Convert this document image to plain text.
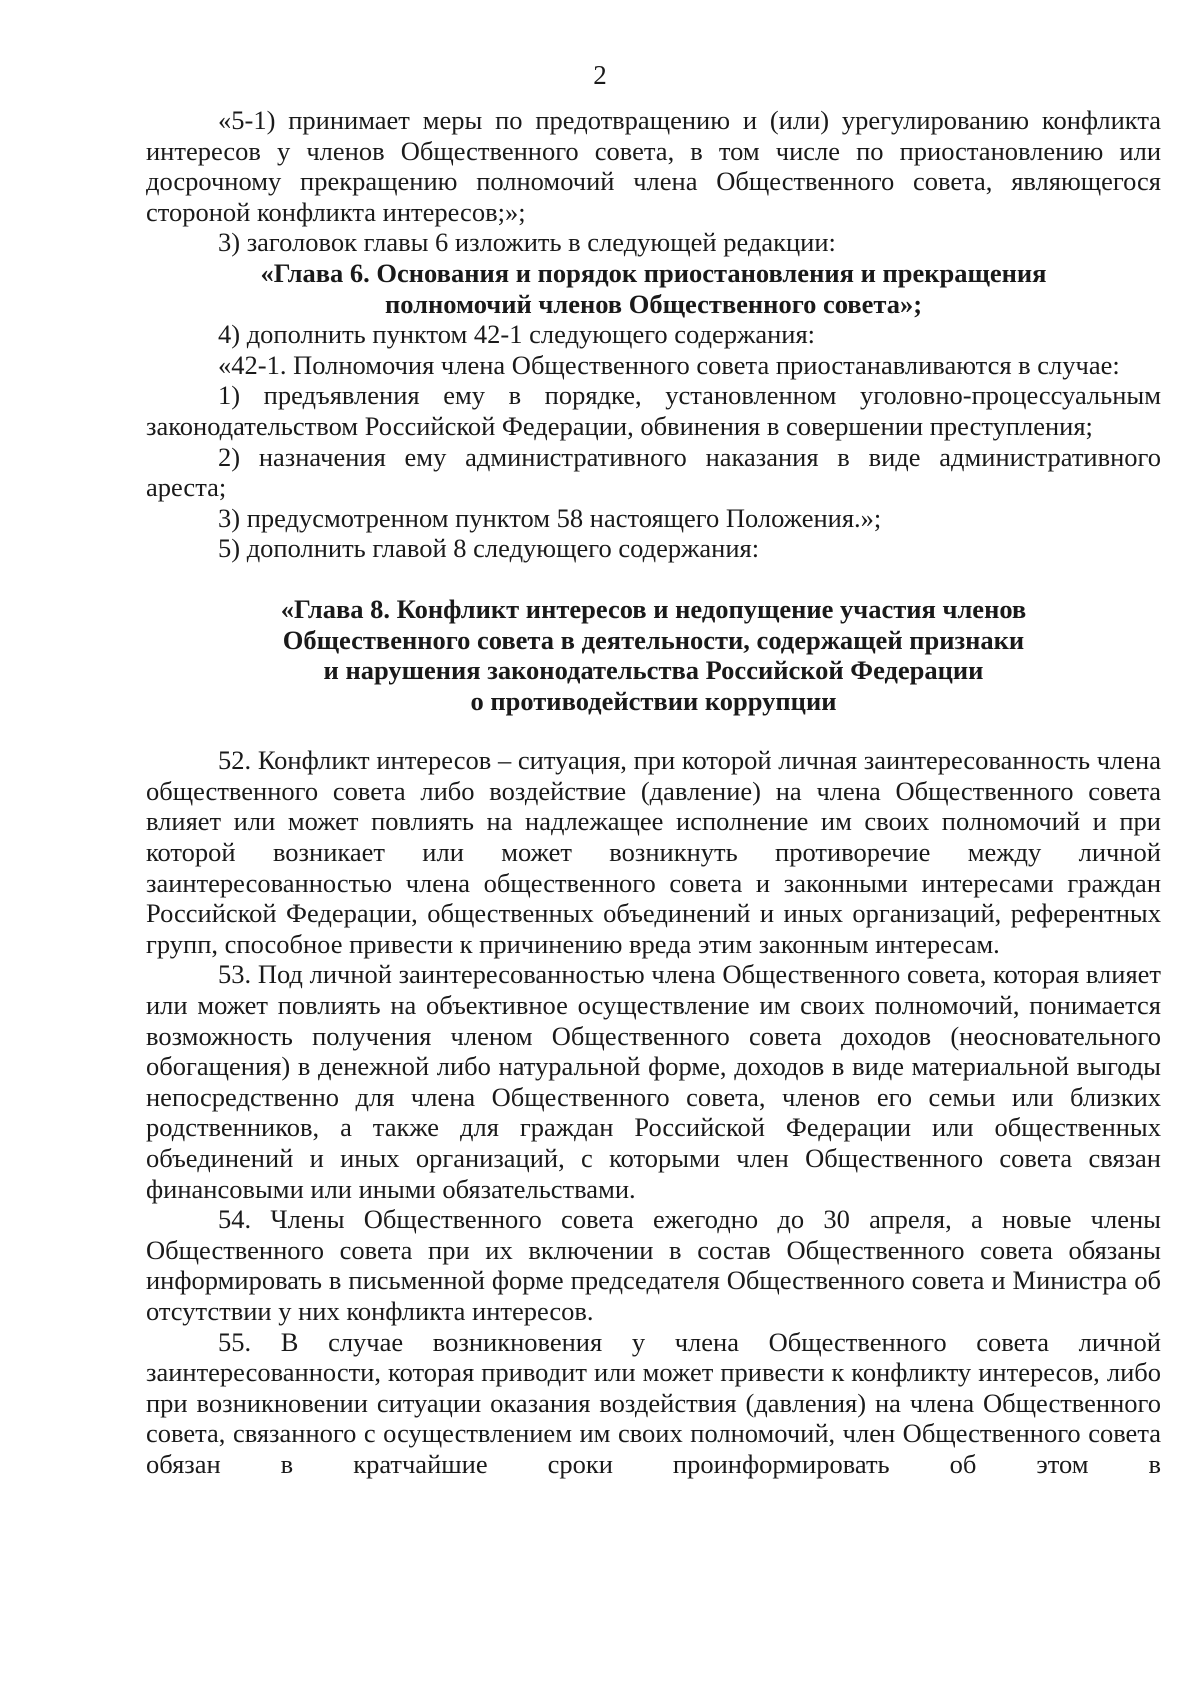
2

«5-1) принимает меры по предотвращению и (или) урегулированию конфликта интересов у членов Общественного совета, в том числе по приостановлению или досрочному прекращению полномочий члена Общественного совета, являющегося стороной конфликта интересов;»;

3) заголовок главы 6 изложить в следующей редакции:

«Глава 6. Основания и порядок приостановления и прекращения

полномочий членов Общественного совета»;

4) дополнить пунктом 42-1 следующего содержания:

«42-1. Полномочия члена Общественного совета приостанавливаются в случае:

1) предъявления ему в порядке, установленном уголовно-процессуальным законодательством Российской Федерации, обвинения в совершении преступления;

2) назначения ему административного наказания в виде административного ареста;

3) предусмотренном пунктом 58 настоящего Положения.»;

5) дополнить главой 8 следующего содержания:

«Глава 8. Конфликт интересов и недопущение участия членов

Общественного совета в деятельности, содержащей признаки

и нарушения законодательства Российской Федерации

о противодействии коррупции

52. Конфликт интересов – ситуация, при которой личная заинтересованность члена общественного совета либо воздействие (давление) на члена Общественного совета влияет или может повлиять на надлежащее исполнение им своих полномочий и при которой возникает или может возникнуть противоречие между личной заинтересованностью члена общественного совета и законными интересами граждан Российской Федерации, общественных объединений и иных организаций, референтных групп, способное привести к причинению вреда этим законным интересам.

53. Под личной заинтересованностью члена Общественного совета, которая влияет или может повлиять на объективное осуществление им своих полномочий, понимается возможность получения членом Общественного совета доходов (неосновательного обогащения) в денежной либо натуральной форме, доходов в виде материальной выгоды непосредственно для члена Общественного совета, членов его семьи или близких родственников, а также для граждан Российской Федерации или общественных объединений и иных организаций, с которыми член Общественного совета связан финансовыми или иными обязательствами.

54. Члены Общественного совета ежегодно до 30 апреля, а новые члены Общественного совета при их включении в состав Общественного совета обязаны информировать в письменной форме председателя Общественного совета и Министра об отсутствии у них конфликта интересов.

55. В случае возникновения у члена Общественного совета личной заинтересованности, которая приводит или может привести к конфликту интересов, либо при возникновении ситуации оказания воздействия (давления) на члена Общественного совета, связанного с осуществлением им своих полномочий, член Общественного совета обязан в кратчайшие сроки проинформировать об этом в
